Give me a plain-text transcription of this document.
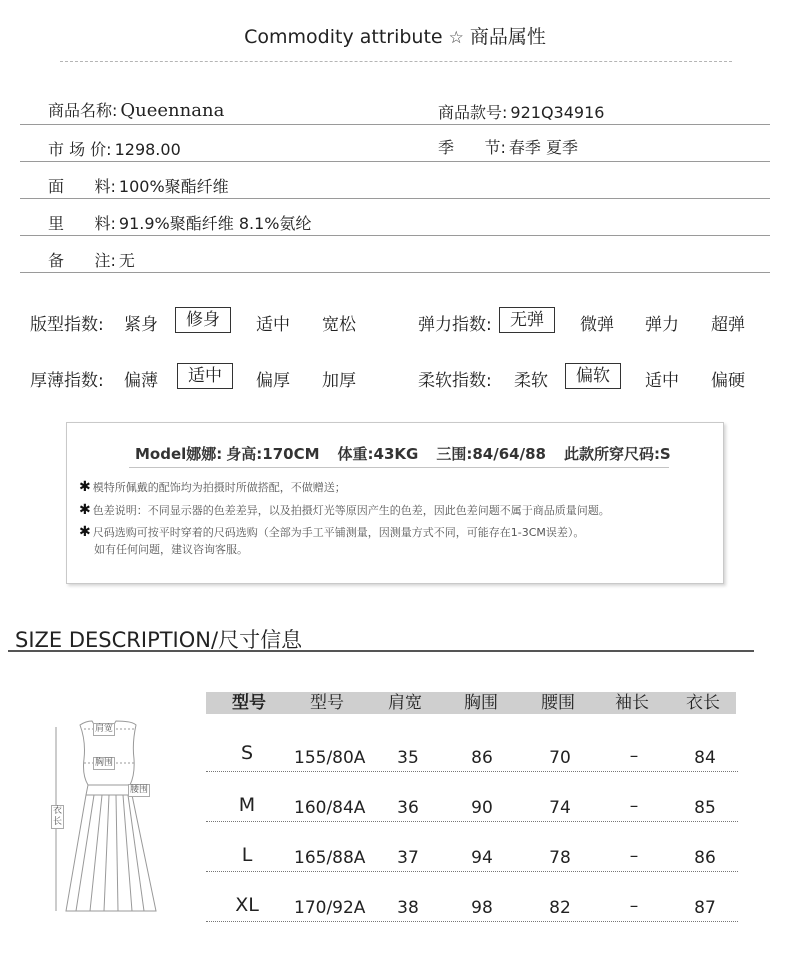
Commodity attribute ☆ 商品属性
商品名称: Queennana	商品款号: 921Q34916
市 场 价: 1298.00	季      节: 春季 夏季
面      料: 100%聚酯纤维
里      料: 91.9%聚酯纤维 8.1%氨纶
备      注: 无
版型指数: 紧身	修身	适中 宽松	弹力指数:	无弹	微弹 弹力 超弹
厚薄指数: 偏薄	适中	偏厚 加厚	柔软指数: 柔软	偏软	适中 偏硬
Model娜娜: 身高:170CM 体重:43KG 三围:84/64/88 此款所穿尺码:S
✱ 模特所佩戴的配饰均为拍摄时所做搭配，不做赠送；
✱ 色差说明：不同显示器的色差差异，以及拍摄灯光等原因产生的色差，因此色差问题不属于商品质量问题。
✱ 尺码选购可按平时穿着的尺码选购（全部为手工平铺测量，因测量方式不同，可能存在1-3CM误差）。
如有任何问题，建议咨询客服。
SIZE DESCRIPTION/尺寸信息
肩宽
胸围
腰围
衣长
型号	型号	肩宽	胸围	腰围	袖长	衣长
S	155/80A	35	86	70	–	84
M	160/84A	36	90	74	–	85
L	165/88A	37	94	78	–	86
XL	170/92A	38	98	82	–	87
